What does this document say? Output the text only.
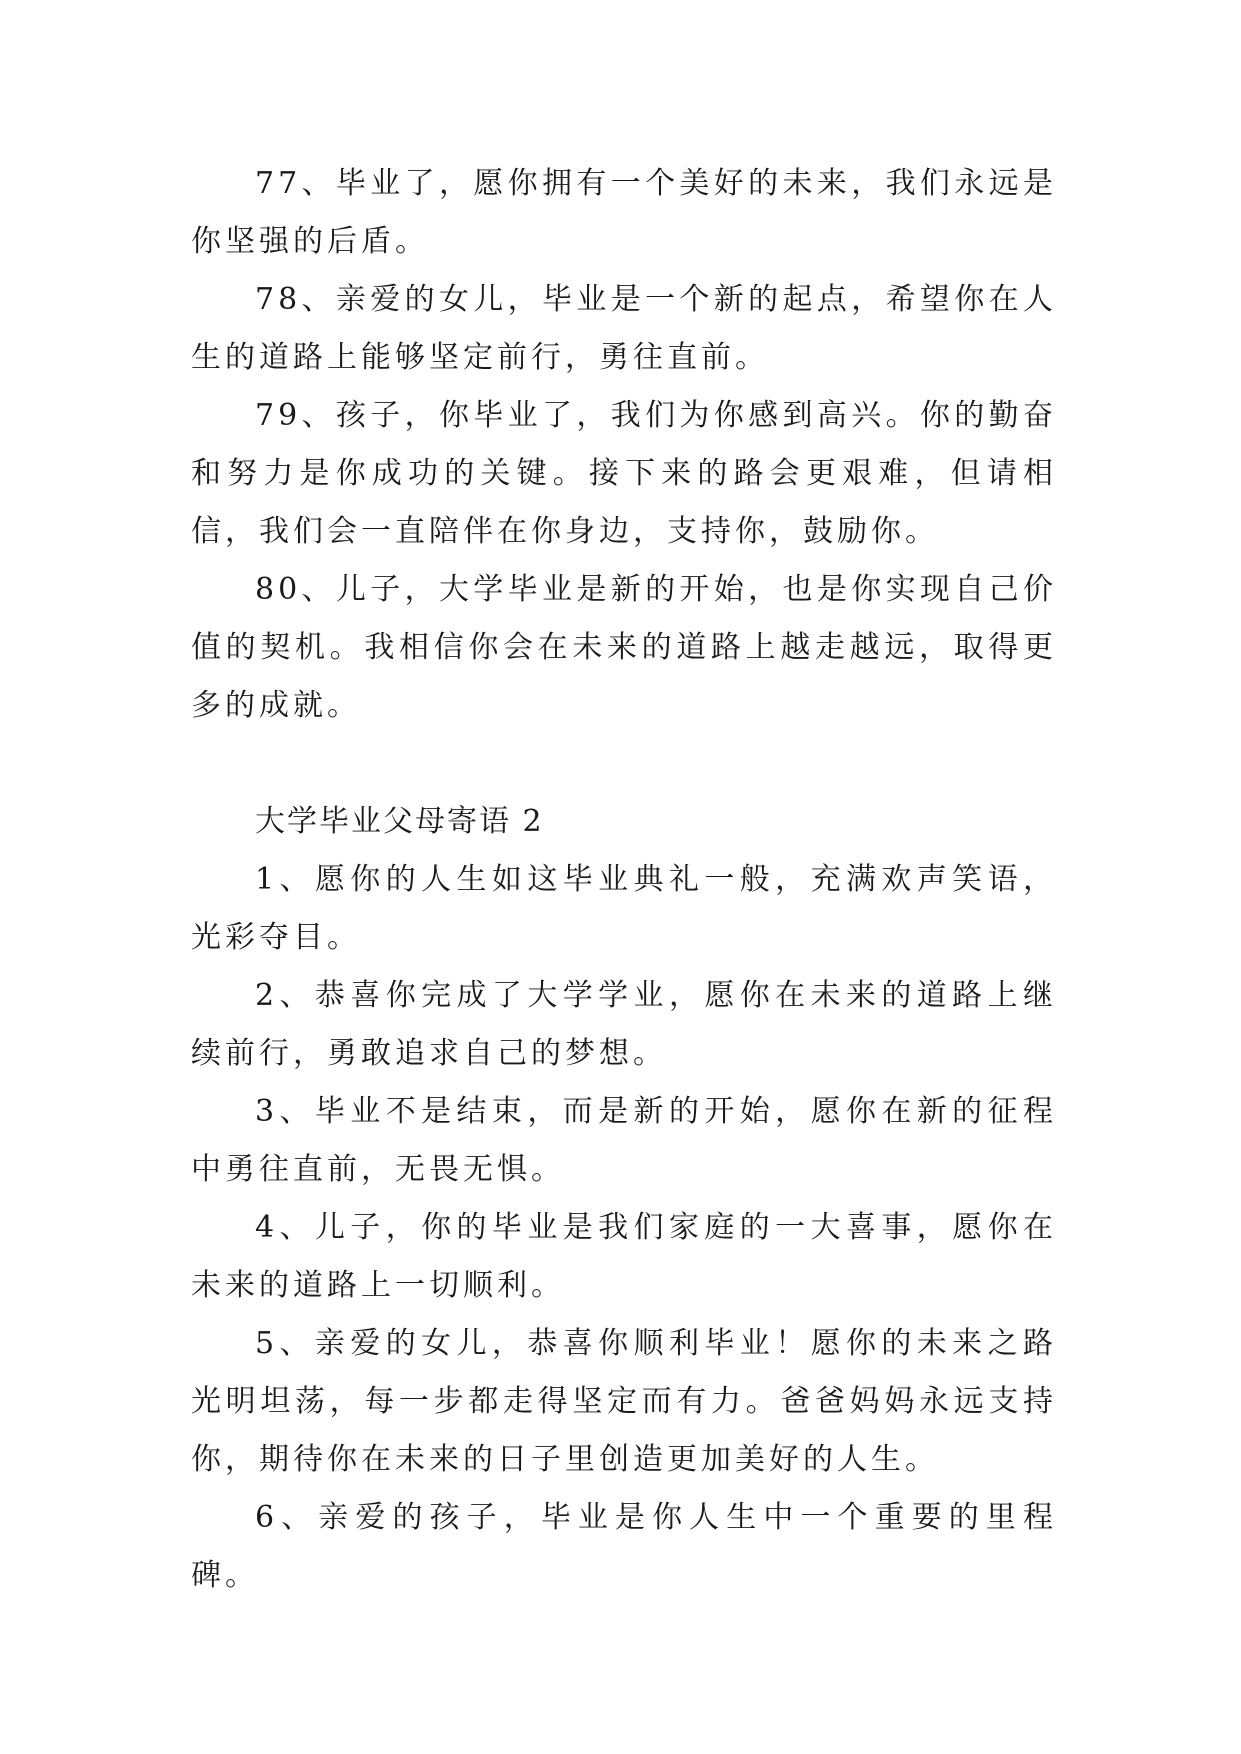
77、毕业了，愿你拥有一个美好的未来，我们永远是你坚强的后盾。

78、亲爱的女儿，毕业是一个新的起点，希望你在人生的道路上能够坚定前行，勇往直前。

79、孩子，你毕业了，我们为你感到高兴。你的勤奋和努力是你成功的关键。接下来的路会更艰难，但请相信，我们会一直陪伴在你身边，支持你，鼓励你。

80、儿子，大学毕业是新的开始，也是你实现自己价值的契机。我相信你会在未来的道路上越走越远，取得更多的成就。

大学毕业父母寄语 2

1、愿你的人生如这毕业典礼一般，充满欢声笑语，光彩夺目。

2、恭喜你完成了大学学业，愿你在未来的道路上继续前行，勇敢追求自己的梦想。

3、毕业不是结束，而是新的开始，愿你在新的征程中勇往直前，无畏无惧。

4、儿子，你的毕业是我们家庭的一大喜事，愿你在未来的道路上一切顺利。

5、亲爱的女儿，恭喜你顺利毕业！愿你的未来之路光明坦荡，每一步都走得坚定而有力。爸爸妈妈永远支持你，期待你在未来的日子里创造更加美好的人生。

6、亲爱的孩子，毕业是你人生中一个重要的里程碑。
